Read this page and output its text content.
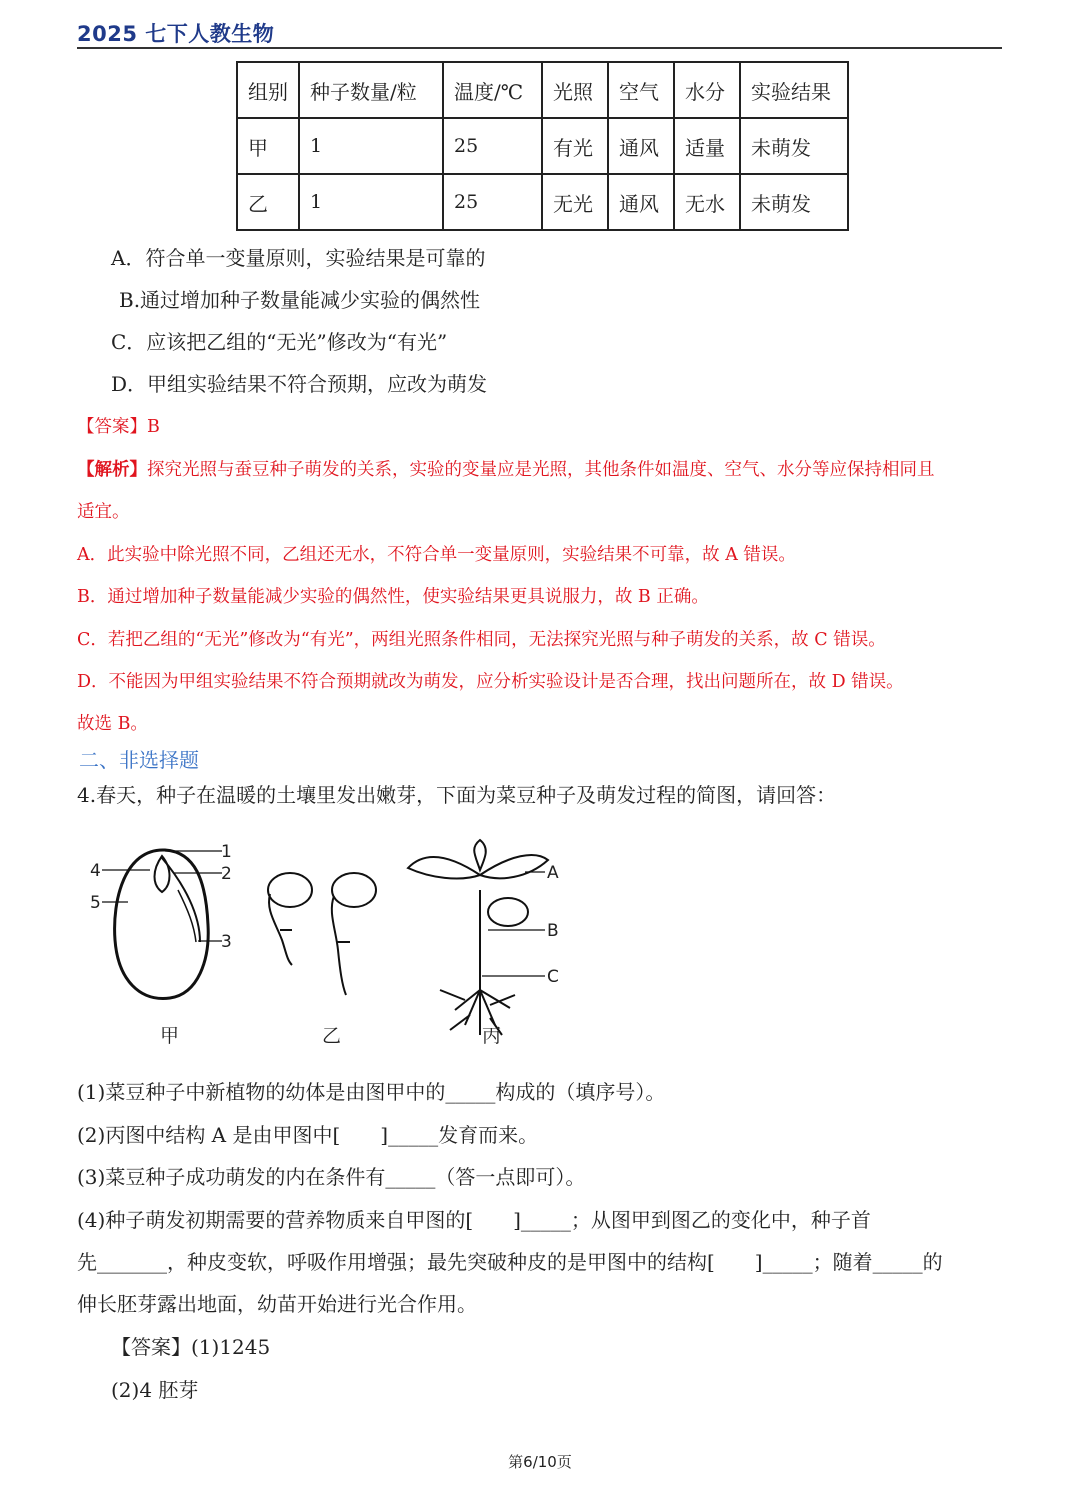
2025 七下人教生物
组别	种子数量/粒	温度/℃	光照	空气	水分	实验结果
甲	1	25	有光	通风	适量	未萌发
乙	1	25	无光	通风	无水	未萌发
A．符合单一变量原则，实验结果是可靠的
B.通过增加种子数量能减少实验的偶然性
C．应该把乙组的“无光”修改为“有光”
D．甲组实验结果不符合预期，应改为萌发
【答案】B
【解析】探究光照与蚕豆种子萌发的关系，实验的变量应是光照，其他条件如温度、空气、水分等应保持相同且
适宜。
A．此实验中除光照不同，乙组还无水，不符合单一变量原则，实验结果不可靠，故 A 错误。
B．通过增加种子数量能减少实验的偶然性，使实验结果更具说服力，故 B 正确。
C．若把乙组的“无光”修改为“有光”，两组光照条件相同，无法探究光照与种子萌发的关系，故 C 错误。
D．不能因为甲组实验结果不符合预期就改为萌发，应分析实验设计是否合理，找出问题所在，故 D 错误。
故选 B。
二、非选择题
4.春天，种子在温暖的土壤里发出嫩芽，下面为菜豆种子及萌发过程的简图，请回答：
1
2
3
4
5
A
B
C
甲	乙	丙
(1)菜豆种子中新植物的幼体是由图甲中的_____构成的（填序号）。
(2)丙图中结构 A 是由甲图中[　　]_____发育而来。
(3)菜豆种子成功萌发的内在条件有_____（答一点即可）。
(4)种子萌发初期需要的营养物质来自甲图的[　　]_____；从图甲到图乙的变化中，种子首
先_______，种皮变软，呼吸作用增强；最先突破种皮的是甲图中的结构[　　]_____；随着_____的
伸长胚芽露出地面，幼苗开始进行光合作用。
【答案】(1)1245
(2)4 胚芽
第6/10页
